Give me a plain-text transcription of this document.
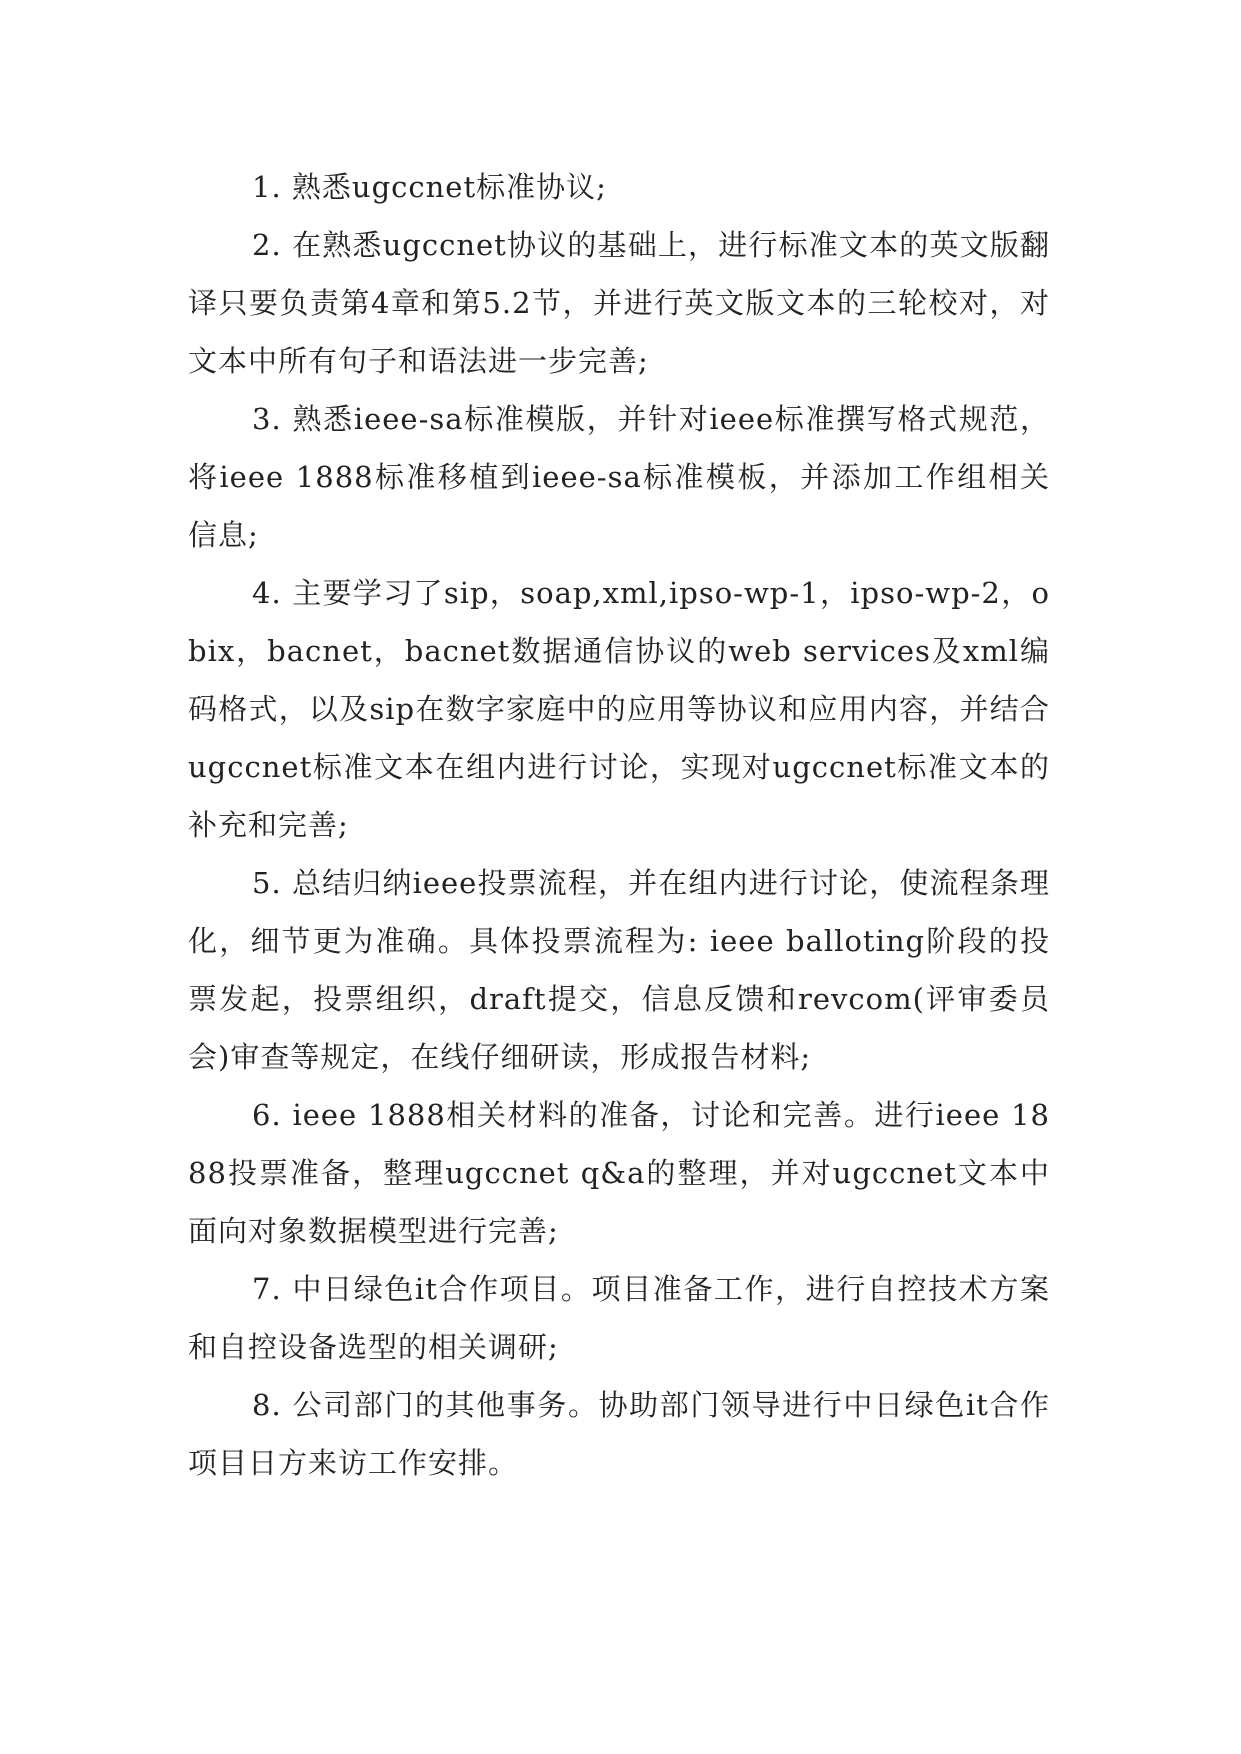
1. 熟悉ugccnet标准协议;

2. 在熟悉ugccnet协议的基础上，进行标准文本的英文版翻译只要负责第4章和第5.2节，并进行英文版文本的三轮校对，对文本中所有句子和语法进一步完善;

3. 熟悉ieee-sa标准模版，并针对ieee标准撰写格式规范，将ieee 1888标准移植到ieee-sa标准模板，并添加工作组相关信息;

4. 主要学习了sip，soap,xml,ipso-wp-1，ipso-wp-2，obix，bacnet，bacnet数据通信协议的web services及xml编码格式，以及sip在数字家庭中的应用等协议和应用内容，并结合ugccnet标准文本在组内进行讨论，实现对ugccnet标准文本的补充和完善;

5. 总结归纳ieee投票流程，并在组内进行讨论，使流程条理化，细节更为准确。具体投票流程为: ieee balloting阶段的投票发起，投票组织，draft提交，信息反馈和revcom(评审委员会)审查等规定，在线仔细研读，形成报告材料;

6. ieee 1888相关材料的准备，讨论和完善。进行ieee 1888投票准备，整理ugccnet q&a的整理，并对ugccnet文本中面向对象数据模型进行完善;

7. 中日绿色it合作项目。项目准备工作，进行自控技术方案和自控设备选型的相关调研;

8. 公司部门的其他事务。协助部门领导进行中日绿色it合作项目日方来访工作安排。
